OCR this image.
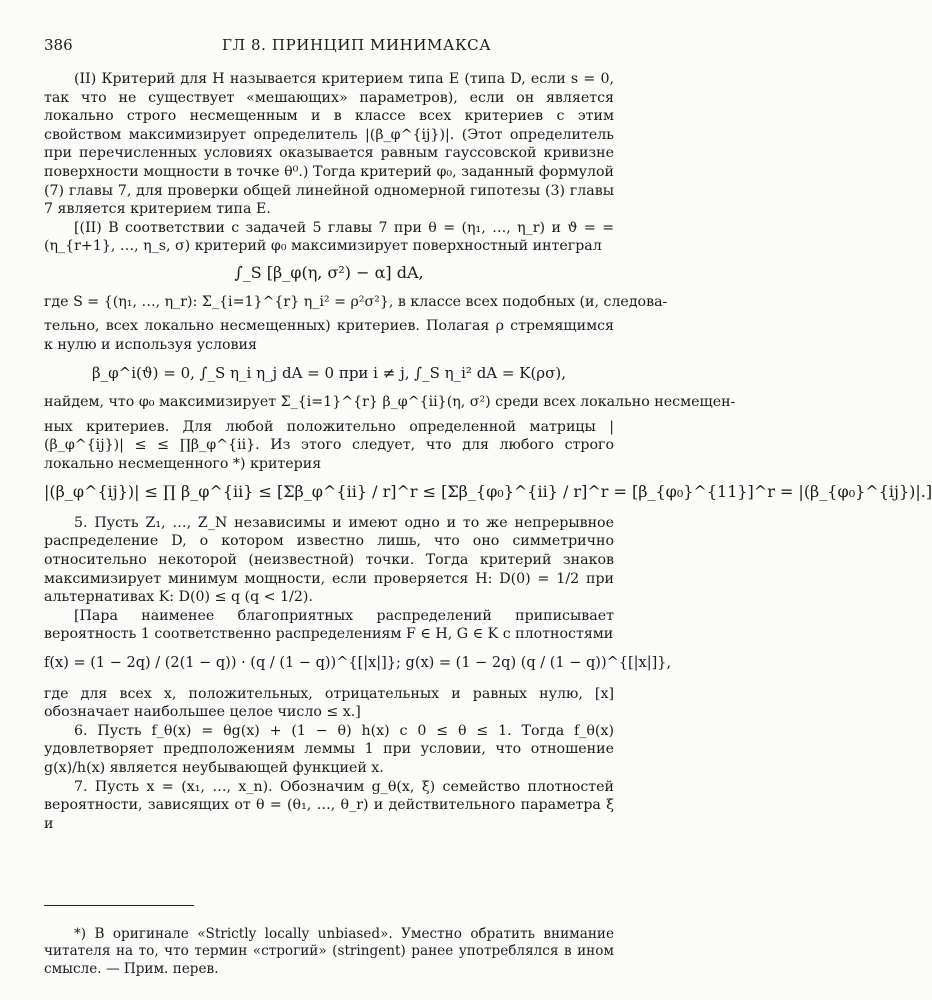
386	ГЛ 8. ПРИНЦИП МИНИМАКСА

(II) Критерий для H называется критерием типа E (типа D, если s = 0, так что не существует «мешающих» параметров), если он является локально строго несмещенным и в классе всех критериев с этим свойством максимизирует определитель |(β_φ^{ij})|. (Этот определитель при перечисленных условиях оказывается равным гауссовской кривизне поверхности мощности в точке θ⁰.) Тогда критерий φ₀, заданный формулой (7) главы 7, для проверки общей линейной одномерной гипотезы (3) главы 7 является критерием типа E.

[(II) В соответствии с задачей 5 главы 7 при θ = (η₁, …, η_r) и ϑ = = (η_{r+1}, …, η_s, σ) критерий φ₀ максимизирует поверхностный интеграл

∫_S [β_φ(η, σ²) − α] dA,
где S = {(η₁, …, η_r): Σ_{i=1}^{r} η_i² = ρ²σ²}, в классе всех подобных (и, следова-

тельно, всех локально несмещенных) критериев. Полагая ρ стремящимся к нулю и используя условия

β_φ^i(ϑ) = 0, ∫_S η_i η_j dA = 0 при i ≠ j, ∫_S η_i² dA = K(ρσ),
найдем, что φ₀ максимизирует Σ_{i=1}^{r} β_φ^{ii}(η, σ²) среди всех локально несмещен-

ных критериев. Для любой положительно определенной матрицы |(β_φ^{ij})| ≤ ≤ ∏β_φ^{ii}. Из этого следует, что для любого строго локально несмещенного *) критерия

|(β_φ^{ij})| ≤ ∏ β_φ^{ii} ≤ [Σβ_φ^{ii} / r]^r ≤ [Σβ_{φ₀}^{ii} / r]^r = [β_{φ₀}^{11}]^r = |(β_{φ₀}^{ij})|.]

5. Пусть Z₁, …, Z_N независимы и имеют одно и то же непрерывное распределение D, о котором известно лишь, что оно симметрично относительно некоторой (неизвестной) точки. Тогда критерий знаков максимизирует минимум мощности, если проверяется H: D(0) = 1/2 при альтернативах K: D(0) ≤ q (q < 1/2).

[Пара наименее благоприятных распределений приписывает вероятность 1 соответственно распределениям F ∈ H, G ∈ K с плотностями

f(x) = (1 − 2q) / (2(1 − q)) · (q / (1 − q))^{[|x|]}; g(x) = (1 − 2q) (q / (1 − q))^{[|x|]},

где для всех x, положительных, отрицательных и равных нулю, [x] обозначает наибольшее целое число ≤ x.]

6. Пусть f_θ(x) = θg(x) + (1 − θ) h(x) с 0 ≤ θ ≤ 1. Тогда f_θ(x) удовлетворяет предположениям леммы 1 при условии, что отношение g(x)/h(x) является неубывающей функцией x.

7. Пусть x = (x₁, …, x_n). Обозначим g_θ(x, ξ) семейство плотностей вероятности, зависящих от θ = (θ₁, …, θ_r) и действительного параметра ξ и

*) В оригинале «Strictly locally unbiased». Уместно обратить внимание читателя на то, что термин «строгий» (stringent) ранее употреблялся в ином смысле. — Прим. перев.
